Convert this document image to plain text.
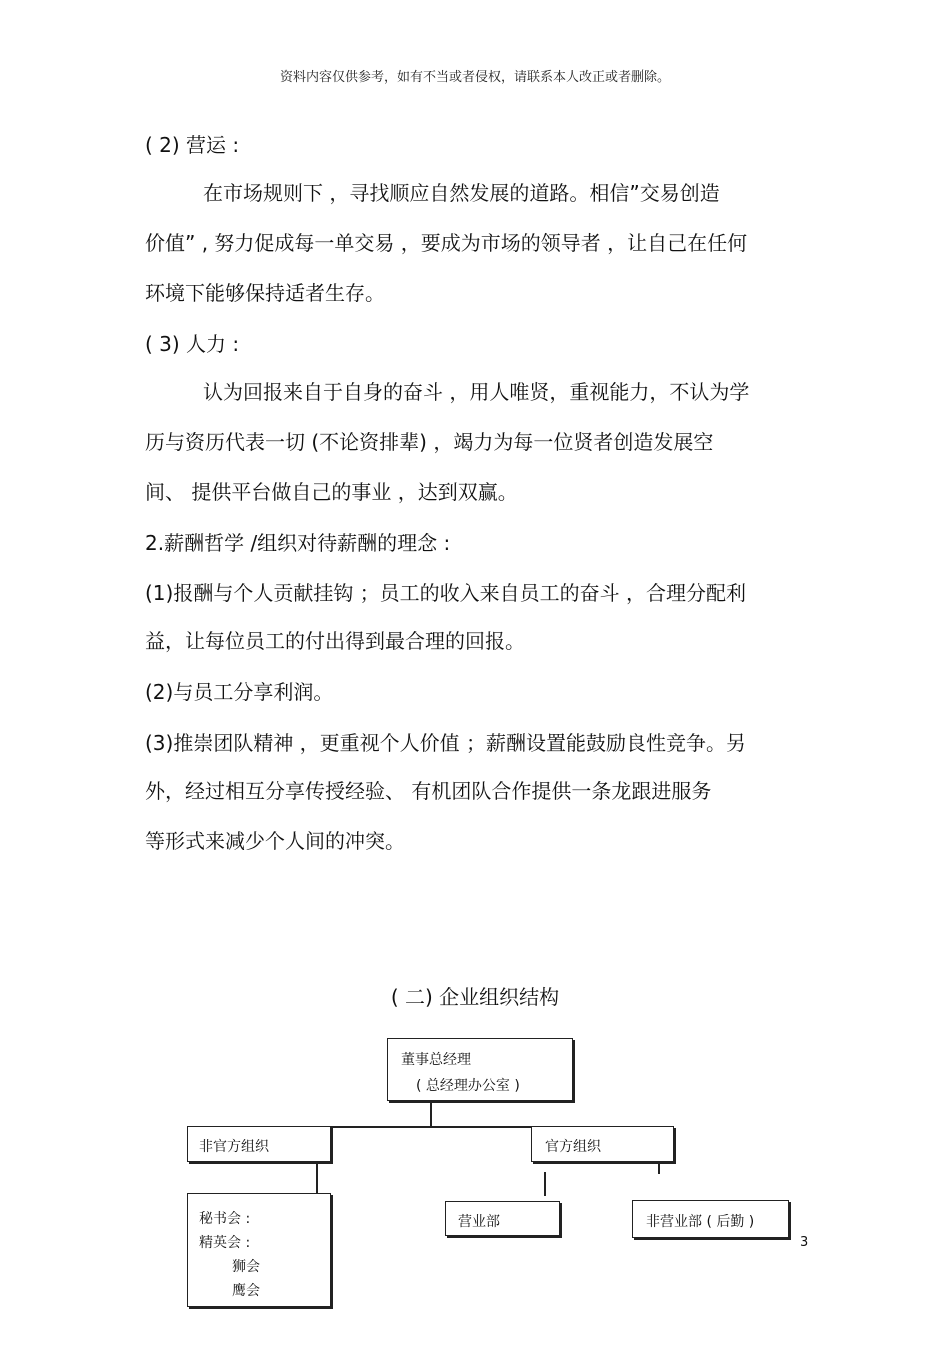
资料内容仅供参考，如有不当或者侵权，请联系本人改正或者删除。
( 2) 营运 :
在市场规则下 ，寻找顺应自然发展的道路。相信”交易创造
价值” , 努力促成每一单交易 ，要成为市场的领导者 ，让自己在任何
环境下能够保持适者生存。
( 3) 人力 :
认为回报来自于自身的奋斗 ，用人唯贤，重视能力，不认为学
历与资历代表一切 (不论资排辈) ，竭力为每一位贤者创造发展空
间、 提供平台做自己的事业 ，达到双赢。
2.薪酬哲学 /组织对待薪酬的理念 :
(1)报酬与个人贡献挂钩 ；员工的收入来自员工的奋斗 ，合理分配利
益，让每位员工的付出得到最合理的回报。
(2)与员工分享利润。
(3)推崇团队精神 ，更重视个人价值 ；薪酬设置能鼓励良性竞争。另
外，经过相互分享传授经验、 有机团队合作提供一条龙跟进服务
等形式来减少个人间的冲突。
( 二) 企业组织结构
董事总经理
( 总经理办公室 )
非官方组织	官方组织
秘书会 :
精英会 :
狮会
鹰会
营业部	非营业部 ( 后勤 )
3
